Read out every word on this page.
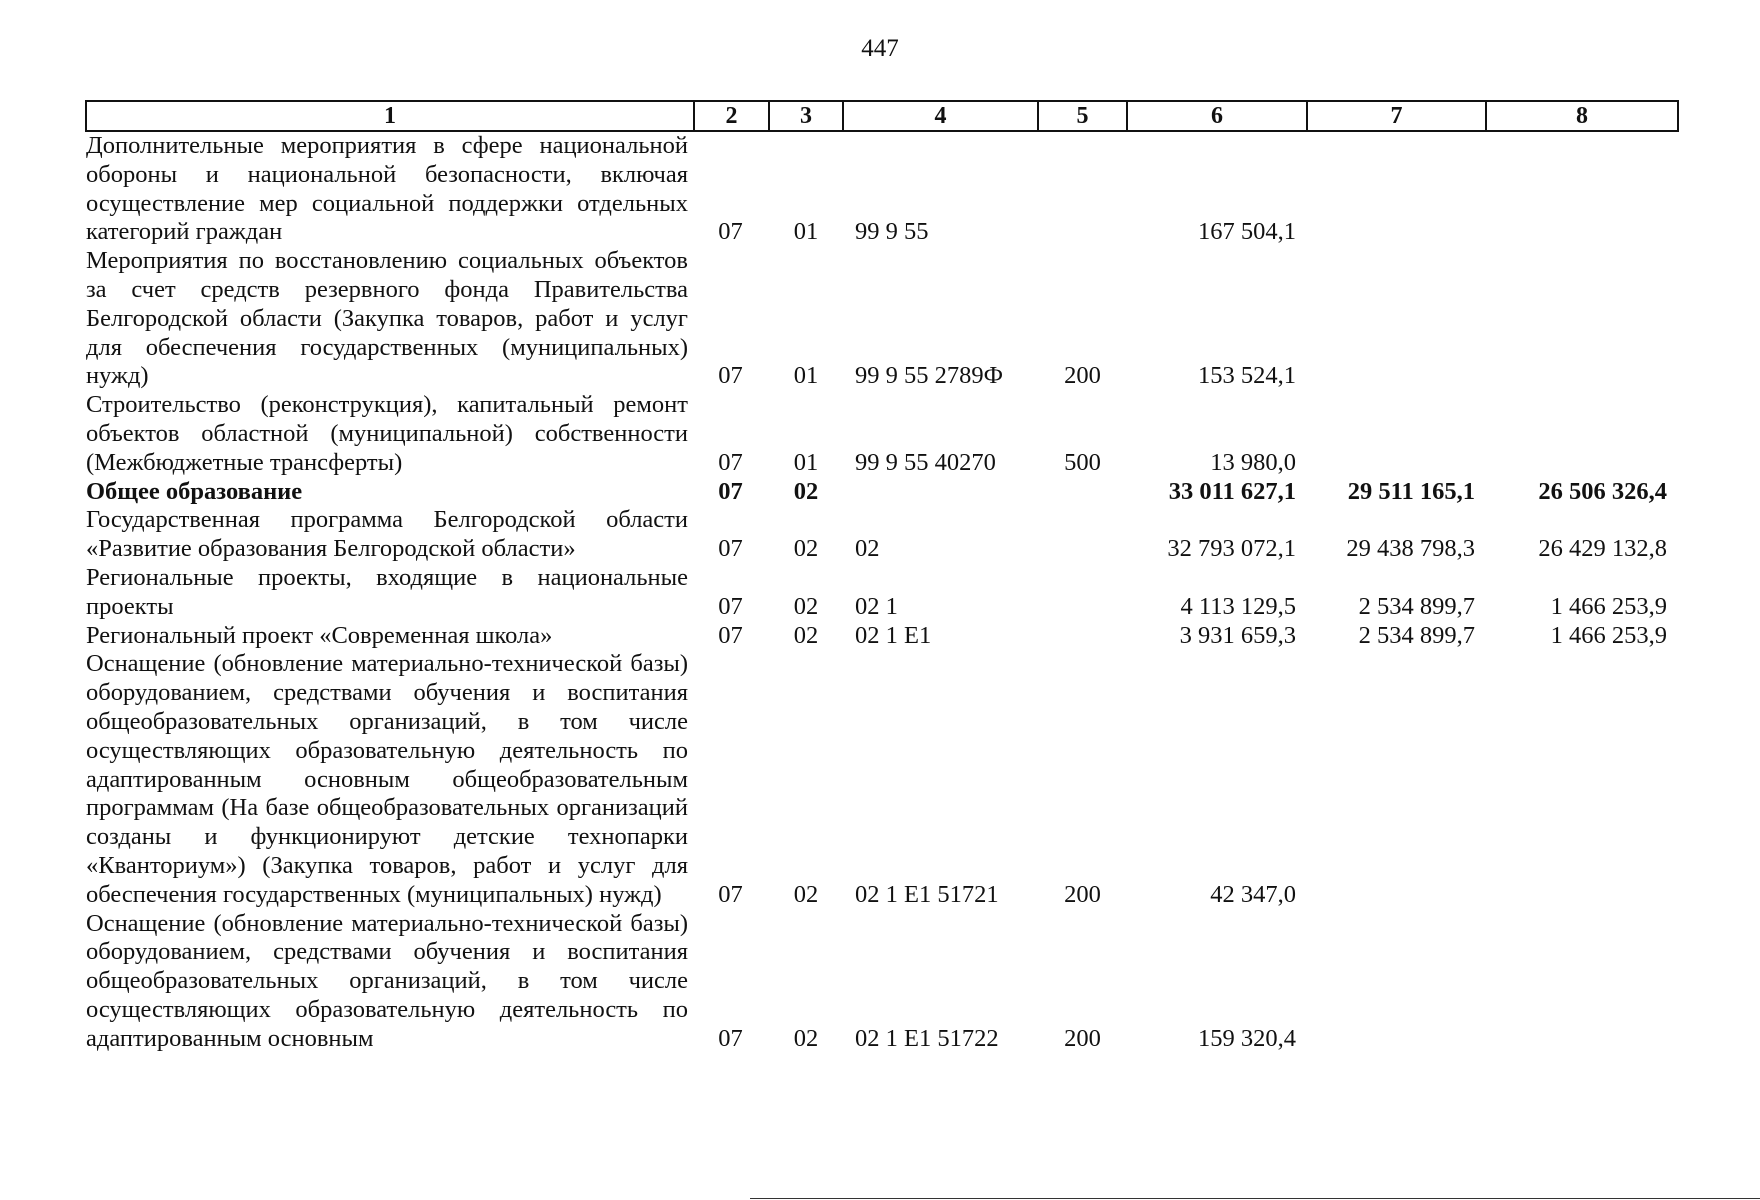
447
1	2	3	4	5	6	7	8
Дополнительные мероприятия в сфере национальной обороны и национальной безопасности, включая осуществление мер социальной поддержки отдельных категорий граждан	07	01	99 9 55		167 504,1		
Мероприятия по восстановлению социальных объектов за счет средств резервного фонда Правительства Белгородской области (Закупка товаров, работ и услуг для обеспечения государственных (муниципальных) нужд)	07	01	99 9 55 2789Ф	200	153 524,1		
Строительство (реконструкция), капитальный ремонт объектов областной (муниципальной) собственности (Межбюджетные трансферты)	07	01	99 9 55 40270	500	13 980,0		
Общее образование	07	02			33 011 627,1	29 511 165,1	26 506 326,4
Государственная программа Белгородской области «Развитие образования Белгородской области»	07	02	02		32 793 072,1	29 438 798,3	26 429 132,8
Региональные проекты, входящие в национальные проекты	07	02	02 1		4 113 129,5	2 534 899,7	1 466 253,9
Региональный проект «Современная школа»	07	02	02 1 Е1		3 931 659,3	2 534 899,7	1 466 253,9
Оснащение (обновление материально-технической базы) оборудованием, средствами обучения и воспитания общеобразовательных организаций, в том числе осуществляющих образовательную деятельность по адаптированным основным общеобразовательным программам (На базе общеобразовательных организаций созданы и функционируют детские технопарки «Кванториум») (Закупка товаров, работ и услуг для обеспечения государственных (муниципальных) нужд)	07	02	02 1 Е1 51721	200	42 347,0		
Оснащение (обновление материально-технической базы) оборудованием, средствами обучения и воспитания общеобразовательных организаций, в том числе осуществляющих образовательную деятельность по адаптированным основным	07	02	02 1 Е1 51722	200	159 320,4		
